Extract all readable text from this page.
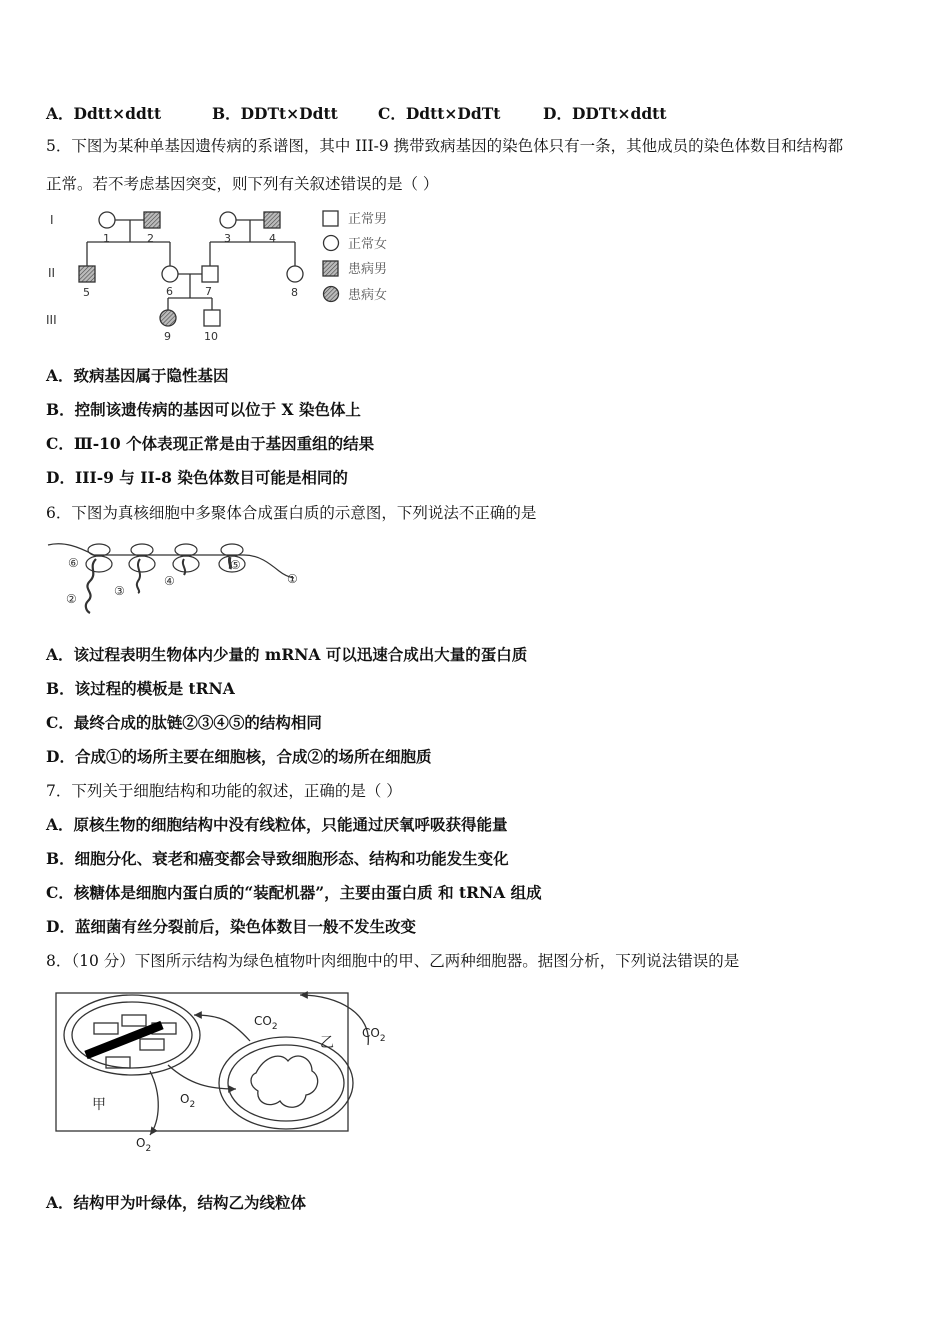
A．Ddtt×ddtt	B．DDTt×Ddtt	C．Ddtt×DdTt	D．DDTt×ddtt
5．下图为某种单基因遗传病的系谱图，其中 III-9 携带致病基因的染色体只有一条，其他成员的染色体数目和结构都
正常。若不考虑基因突变，则下列有关叙述错误的是（ ）
I
II
III
1	2	3	4
5	6	7	8
9	10
正常男
正常女
患病男
患病女
A．致病基因属于隐性基因
B．控制该遗传病的基因可以位于 X 染色体上
C．Ⅲ-10 个体表现正常是由于基因重组的结果
D．III-9 与 II-8 染色体数目可能是相同的
6．下图为真核细胞中多聚体合成蛋白质的示意图，下列说法不正确的是
⑥
②
③
④
⑤
①
A．该过程表明生物体内少量的 mRNA 可以迅速合成出大量的蛋白质
B．该过程的模板是 tRNA
C．最终合成的肽链②③④⑤的结构相同
D．合成①的场所主要在细胞核，合成②的场所在细胞质
7．下列关于细胞结构和功能的叙述，正确的是（ ）
A．原核生物的细胞结构中没有线粒体，只能通过厌氧呼吸获得能量
B．细胞分化、衰老和癌变都会导致细胞形态、结构和功能发生变化
C．核糖体是细胞内蛋白质的“装配机器”，主要由蛋白质 和 tRNA 组成
D．蓝细菌有丝分裂前后，染色体数目一般不发生改变
8．（10 分）下图所示结构为绿色植物叶肉细胞中的甲、乙两种细胞器。据图分析，下列说法错误的是
$CO_2$	$CO_2$
$O_2$
$O_2$
甲
乙
A．结构甲为叶绿体，结构乙为线粒体
